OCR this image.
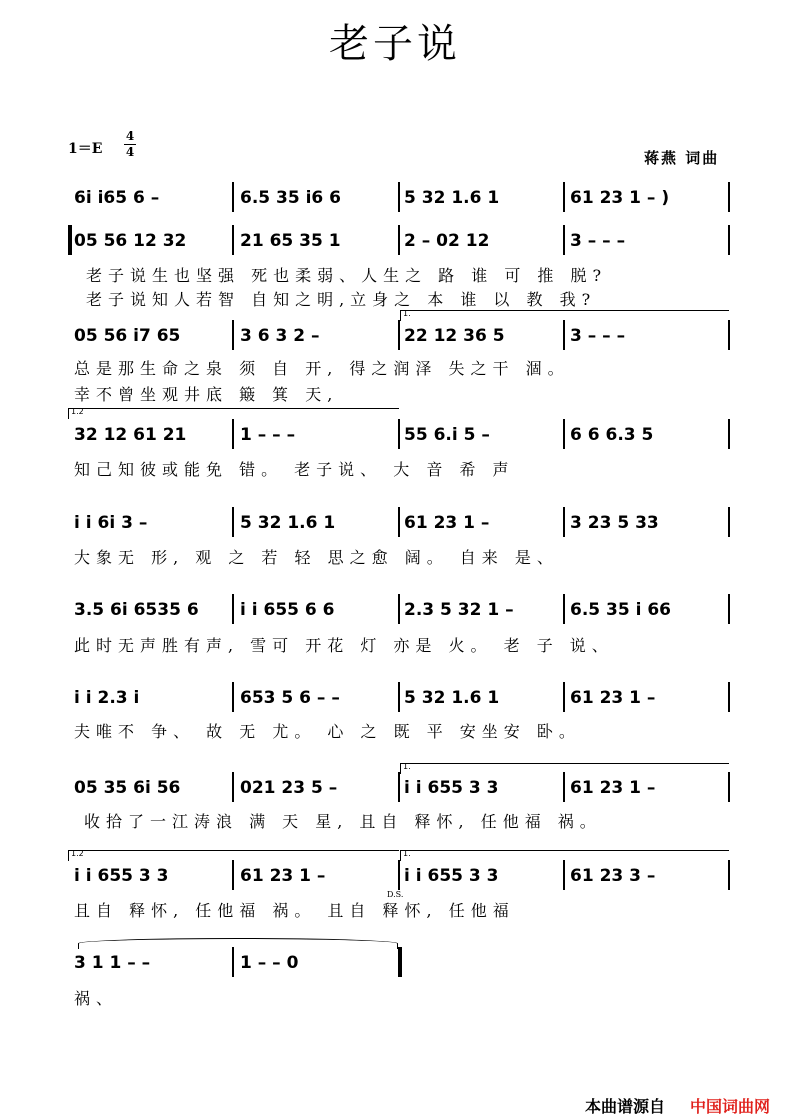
老子说
1＝E
4
4	蒋燕 词曲
6i i65 6 –	6.5 35 i6 6	5 32 1.6 1	61 23 1 – )
05 56 12 32	21 65 35 1	2 – 02 12	3 – – –
05 56 i7 65	3 6 3 2 –	22 12 36 5	3 – – –
32 12 61 21	1 – – –	55 6.i 5 –	6 6 6.3 5
i i 6i 3 –	5 32 1.6 1	61 23 1 –	3 23 5 33
3.5 6i 6535 6 i i 655 6 6	2.3 5 32 1 –	6.5 35 i 66
i i 2.3 i	653 5 6 – –	5 32 1.6 1	61 23 1 –
05 35 6i 56	021 23 5 –	i i 655 3 3	61 23 1 –
i i 655 3 3	61 23 1 –	i i 655 3 3	61 23 3 –
3 1 1 – –	1 – – 0
老子说生也坚强 死也柔弱、人生之 路 谁 可 推 脱?
老子说知人若智 自知之明,立身之 本 谁 以 教 我?
总是那生命之泉 须 自 开, 得之润泽 失之干 涸。
幸不曾坐观井底 簸 箕 天,
知己知彼或能免 错。 老子说、 大 音 希 声
大象无 形, 观 之 若 轻 思之愈 阔。 自来 是、
此时无声胜有声, 雪可 开花 灯 亦是 火。 老 子 说、
夫唯不 争、 故 无 尤。 心 之 既 平 安坐安 卧。
收拾了一江涛浪 满 天 星, 且自 释怀, 任他福 祸。
且自 释怀, 任他福 祸。 且自 释怀, 任他福
祸、
1.
1.2
1.
1.2	1.
D.S.
本曲谱源自 中国词曲网
